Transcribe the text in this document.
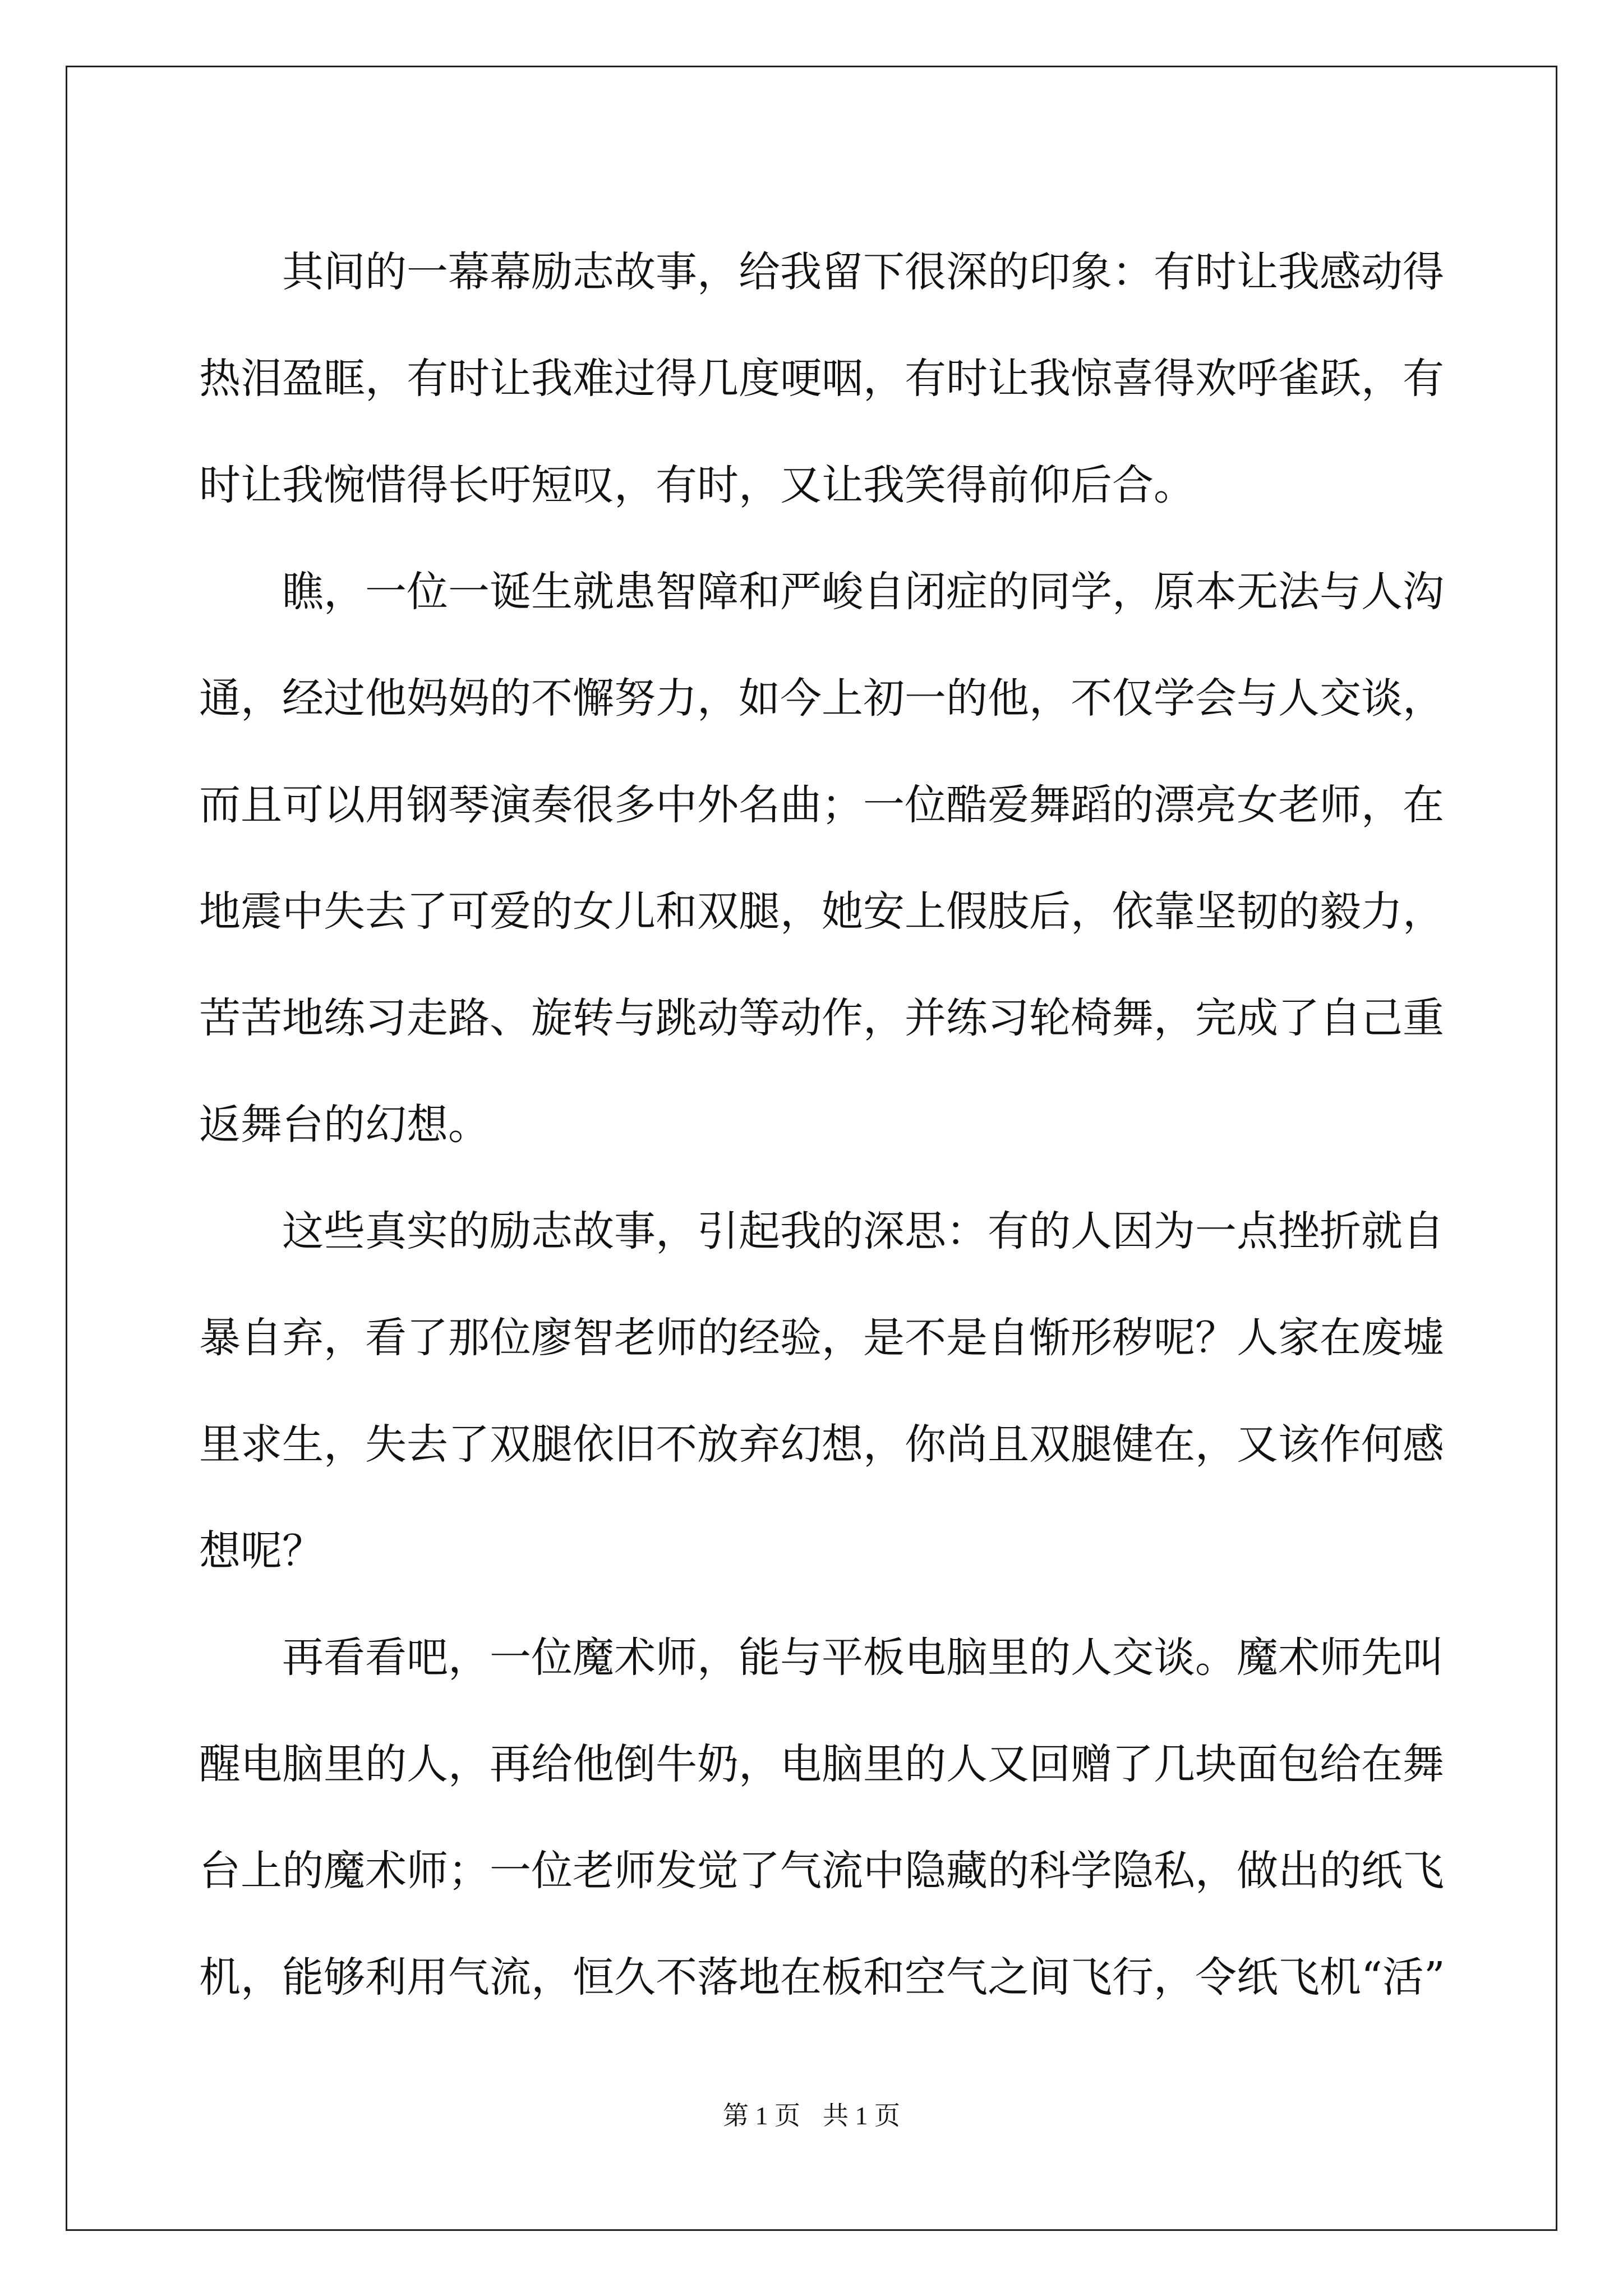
　　其间的一幕幕励志故事，给我留下很深的印象：有时让我感动得
热泪盈眶，有时让我难过得几度哽咽，有时让我惊喜得欢呼雀跃，有
时让我惋惜得长吁短叹，有时，又让我笑得前仰后合。
　　瞧，一位一诞生就患智障和严峻自闭症的同学，原本无法与人沟
通，经过他妈妈的不懈努力，如今上初一的他，不仅学会与人交谈，
而且可以用钢琴演奏很多中外名曲；一位酷爱舞蹈的漂亮女老师，在
地震中失去了可爱的女儿和双腿，她安上假肢后，依靠坚韧的毅力，
苦苦地练习走路、旋转与跳动等动作，并练习轮椅舞，完成了自己重
返舞台的幻想。
　　这些真实的励志故事，引起我的深思：有的人因为一点挫折就自
暴自弃，看了那位廖智老师的经验，是不是自惭形秽呢？人家在废墟
里求生，失去了双腿依旧不放弃幻想，你尚且双腿健在，又该作何感
想呢？
　　再看看吧，一位魔术师，能与平板电脑里的人交谈。魔术师先叫
醒电脑里的人，再给他倒牛奶，电脑里的人又回赠了几块面包给在舞
台上的魔术师；一位老师发觉了气流中隐藏的科学隐私，做出的纸飞
机，能够利用气流，恒久不落地在板和空气之间飞行，令纸飞机“活”
第 1 页 共 1 页
